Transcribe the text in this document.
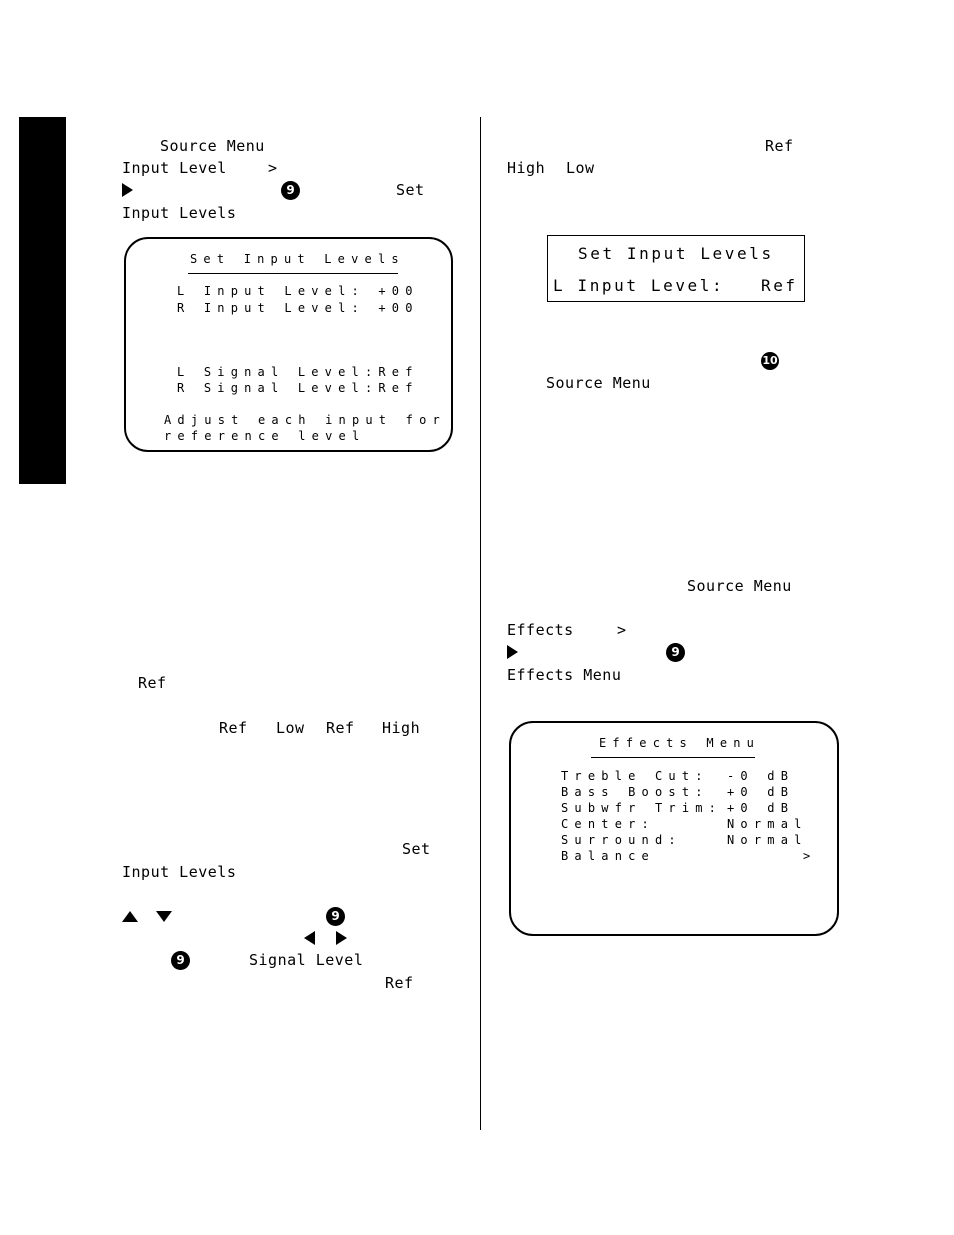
Source Menu
Input Level	>
9	Set
Input Levels
Set Input Levels
L Input Level: +00
R Input Level: +00
L Signal Level:Ref
R Signal Level:Ref
Adjust each input for
reference level
Ref
Ref Low Ref High
Set
Input Levels
9
9	Signal Level
Ref
Ref
High Low
Set Input Levels
L Input Level:   Ref
10
Source Menu
Source Menu
Effects	>
9
Effects Menu
Effects Menu
Treble Cut: -0 dB
Bass Boost: +0 dB
Subwfr Trim: +0 dB
Center:	Normal
Surround:	Normal
Balance	>
